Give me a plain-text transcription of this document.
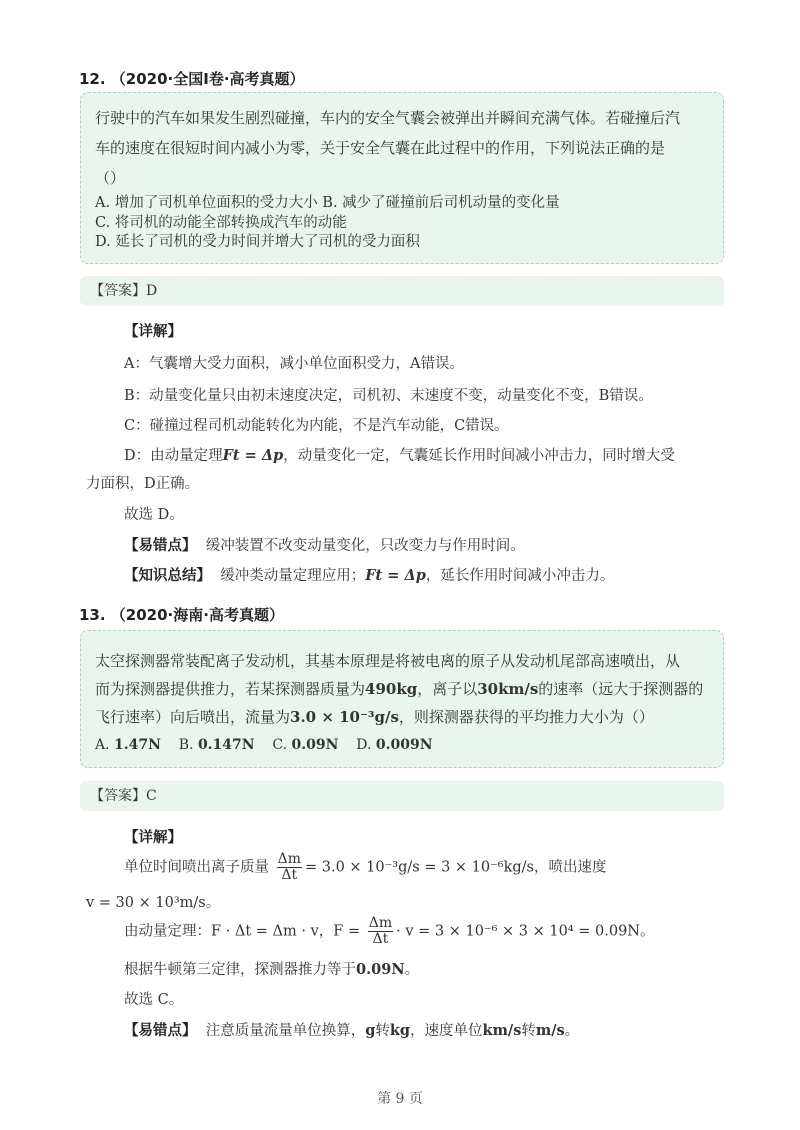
12. （2020·全国Ⅰ卷·高考真题）

行驶中的汽车如果发生剧烈碰撞，车内的安全气囊会被弹出并瞬间充满气体。若碰撞后汽

车的速度在很短时间内减小为零，关于安全气囊在此过程中的作用，下列说法正确的是

（）

A. 增加了司机单位面积的受力大小 B. 减少了碰撞前后司机动量的变化量

C. 将司机的动能全部转换成汽车的动能

D. 延长了司机的受力时间并增大了司机的受力面积

【答案】D
【详解】
A：气囊增大受力面积，减小单位面积受力，A错误。
B：动量变化量只由初末速度决定，司机初、末速度不变，动量变化不变，B错误。
C：碰撞过程司机动能转化为内能，不是汽车动能，C错误。
D：由动量定理Ft = Δp，动量变化一定，气囊延长作用时间减小冲击力，同时增大受
力面积，D正确。
故选 D。
【易错点】 缓冲装置不改变动量变化，只改变力与作用时间。
【知识总结】 缓冲类动量定理应用；Ft = Δp，延长作用时间减小冲击力。
13. （2020·海南·高考真题）

太空探测器常装配离子发动机，其基本原理是将被电离的原子从发动机尾部高速喷出，从

而为探测器提供推力，若某探测器质量为490kg，离子以30km/s的速率（远大于探测器的

飞行速率）向后喷出，流量为3.0 × 10⁻³g/s，则探测器获得的平均推力大小为（）

A. 1.47N B. 0.147N C. 0.09N D. 0.009N

【答案】C
【详解】
单位时间喷出离子质量 $\frac{\Delta m}{\Delta t} = 3.0 \times 10^{-3}g/s = 3 \times 10^{-6}kg/s$，喷出速度
v = 30 × 10³m/s。
由动量定理：F · Δt = Δm · v，$F = \frac{\Delta m}{\Delta t} \cdot v = 3 \times 10^{-6} \times 3 \times 10^4 = 0.09N$。
根据牛顿第三定律，探测器推力等于0.09N。
故选 C。
【易错点】 注意质量流量单位换算，g转kg，速度单位km/s转m/s。
第 9 页
